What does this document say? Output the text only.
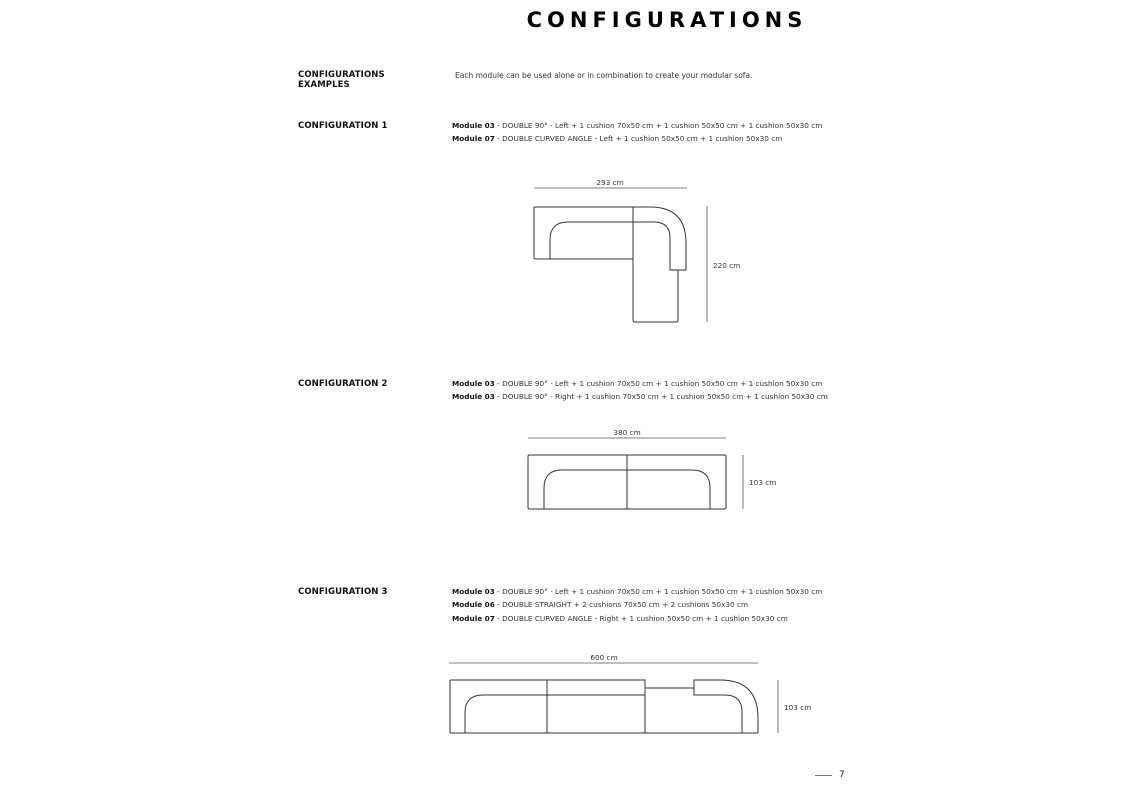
CONFIGURATIONS
CONFIGURATIONS
EXAMPLES
Each module can be used alone or in combination to create your modular sofa.
CONFIGURATION 1	Module 03 - DOUBLE 90° - Left + 1 cushion 70x50 cm + 1 cushion 50x50 cm + 1 cushion 50x30 cm
Module 07 - DOUBLE CURVED ANGLE - Left + 1 cushion 50x50 cm + 1 cushion 50x30 cm
CONFIGURATION 2	Module 03 - DOUBLE 90° - Left + 1 cushion 70x50 cm + 1 cushion 50x50 cm + 1 cushion 50x30 cm
Module 03 - DOUBLE 90° - Right + 1 cushion 70x50 cm + 1 cushion 50x50 cm + 1 cushion 50x30 cm
CONFIGURATION 3	Module 03 - DOUBLE 90° - Left + 1 cushion 70x50 cm + 1 cushion 50x50 cm + 1 cushion 50x30 cm
Module 06 - DOUBLE STRAIGHT + 2 cushions 70x50 cm + 2 cushions 50x30 cm
Module 07 - DOUBLE CURVED ANGLE - Right + 1 cushion 50x50 cm + 1 cushion 50x30 cm
293 cm
220 cm
380 cm
103 cm
600 cm
103 cm
7
